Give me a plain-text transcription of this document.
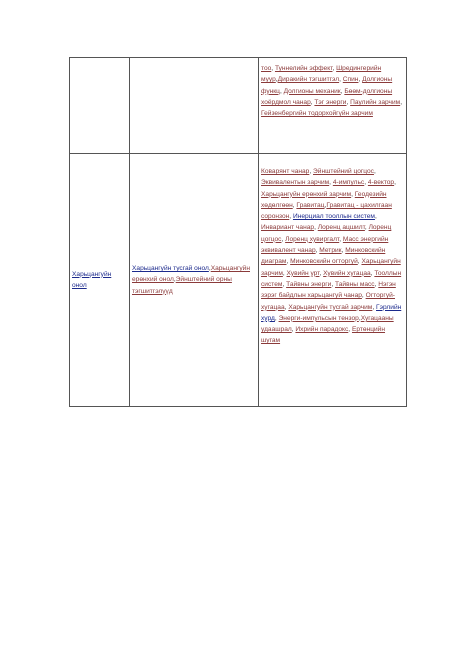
		тоо, Туннелийн эффект, Шредингерийн муур,Диракийн тэгшитгэл, Спин, Долгионы функц, Долгионы механик, Бөөм-долгионы хоёрдмол чанар, Тэг энерги, Паулийн зарчим, Гейзенбергийн тодорхойгүйн зарчим

Харьцангуйн онол	Харьцангуйн тусгай онол,Харьцангуйн ерөнхий онол,Эйнштейний орны тэгшитгэлүүд	Коварянт чанар, Эйнштейний цогцос, Эквивалентын зарчим, 4-импульс, 4-вектор, Харьцангуйн ерөнхий зарчим, Геодезийн хөдөлгөөн, Гравитац,Гравитац - цахилгаан соронзон, Инерциал тооллын систем, Инвариант чанар, Лоренц ацшилт, Лоренц цогцос, Лоренц хувиргалт, Масс энергийн эквивалент чанар, Метрик, Минковскийн диаграм, Минковскийн огторгуй, Харьцангуйн зарчим, Хувийн урт, Хувийн хугацаа, Тооллын систем, Тайвны энерги, Тайвны масс, Нэгэн зэрэг байдлын харьцангуй чанар, Огторгуй-хугацаа, Харьцангуйн тусгай зарчим, Гэрлийн хурд, Энерги-импульсын тензор,Хугацааны удаашрал, Ихрийн парадокс, Ертөнцийн шугам
